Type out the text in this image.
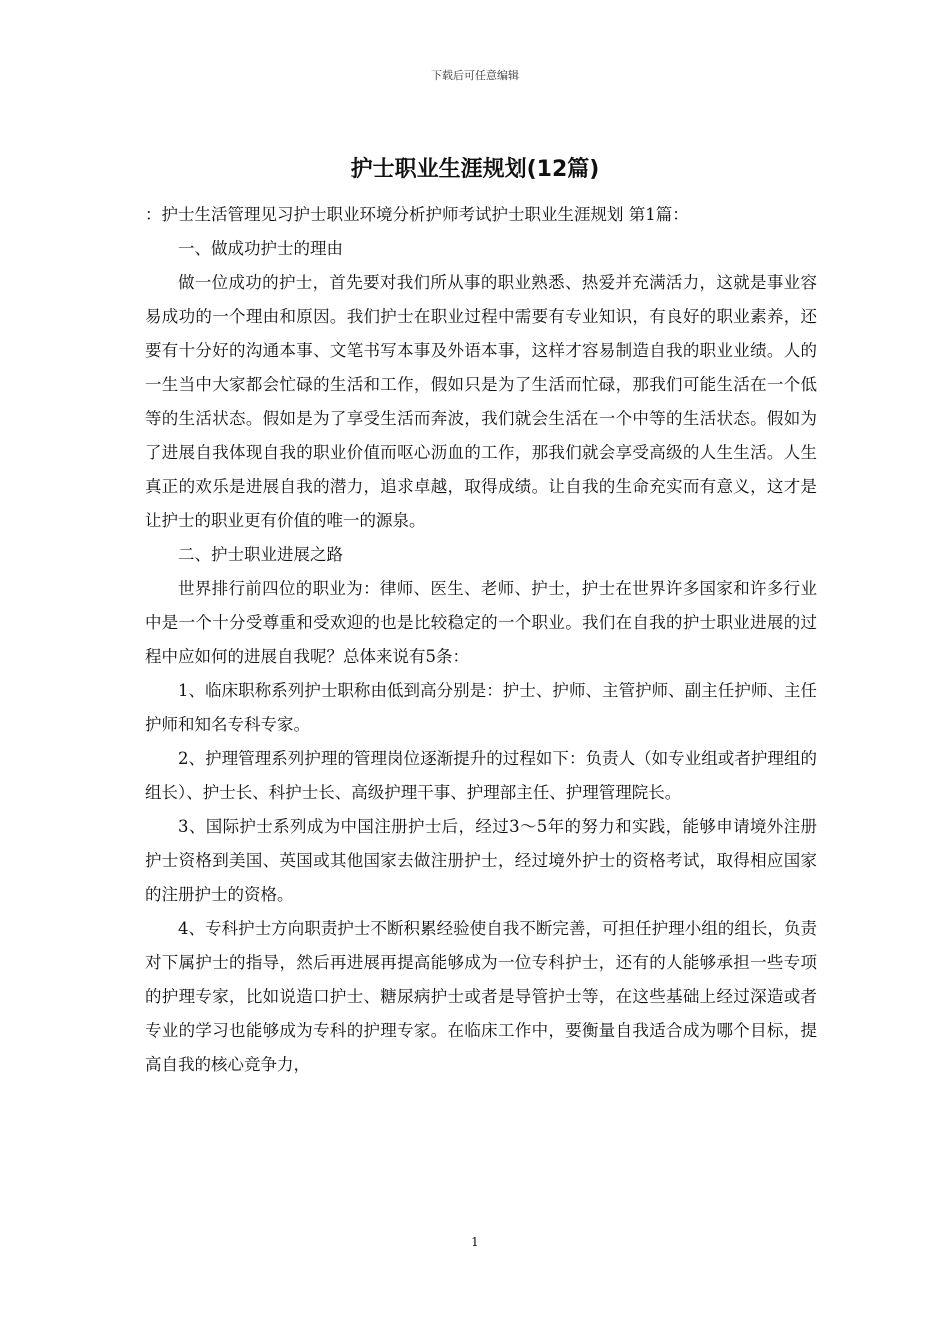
下载后可任意编辑
护士职业生涯规划(12篇)

：护士生活管理见习护士职业环境分析护师考试护士职业生涯规划 第1篇：

一、做成功护士的理由

做一位成功的护士，首先要对我们所从事的职业熟悉、热爱并充满活力，这就是事业容易成功的一个理由和原因。我们护士在职业过程中需要有专业知识，有良好的职业素养，还要有十分好的沟通本事、文笔书写本事及外语本事，这样才容易制造自我的职业业绩。人的一生当中大家都会忙碌的生活和工作，假如只是为了生活而忙碌，那我们可能生活在一个低等的生活状态。假如是为了享受生活而奔波，我们就会生活在一个中等的生活状态。假如为了进展自我体现自我的职业价值而呕心沥血的工作，那我们就会享受高级的人生生活。人生真正的欢乐是进展自我的潜力，追求卓越，取得成绩。让自我的生命充实而有意义，这才是让护士的职业更有价值的唯一的源泉。

二、护士职业进展之路

世界排行前四位的职业为：律师、医生、老师、护士，护士在世界许多国家和许多行业中是一个十分受尊重和受欢迎的也是比较稳定的一个职业。我们在自我的护士职业进展的过程中应如何的进展自我呢？总体来说有5条：

1、临床职称系列护士职称由低到高分别是：护士、护师、主管护师、副主任护师、主任护师和知名专科专家。

2、护理管理系列护理的管理岗位逐渐提升的过程如下：负责人（如专业组或者护理组的组长）、护士长、科护士长、高级护理干事、护理部主任、护理管理院长。

3、国际护士系列成为中国注册护士后，经过3～5年的努力和实践，能够申请境外注册护士资格到美国、英国或其他国家去做注册护士，经过境外护士的资格考试，取得相应国家的注册护士的资格。

4、专科护士方向职责护士不断积累经验使自我不断完善，可担任护理小组的组长，负责对下属护士的指导，然后再进展再提高能够成为一位专科护士，还有的人能够承担一些专项的护理专家，比如说造口护士、糖尿病护士或者是导管护士等，在这些基础上经过深造或者专业的学习也能够成为专科的护理专家。在临床工作中，要衡量自我适合成为哪个目标，提高自我的核心竞争力，

1
